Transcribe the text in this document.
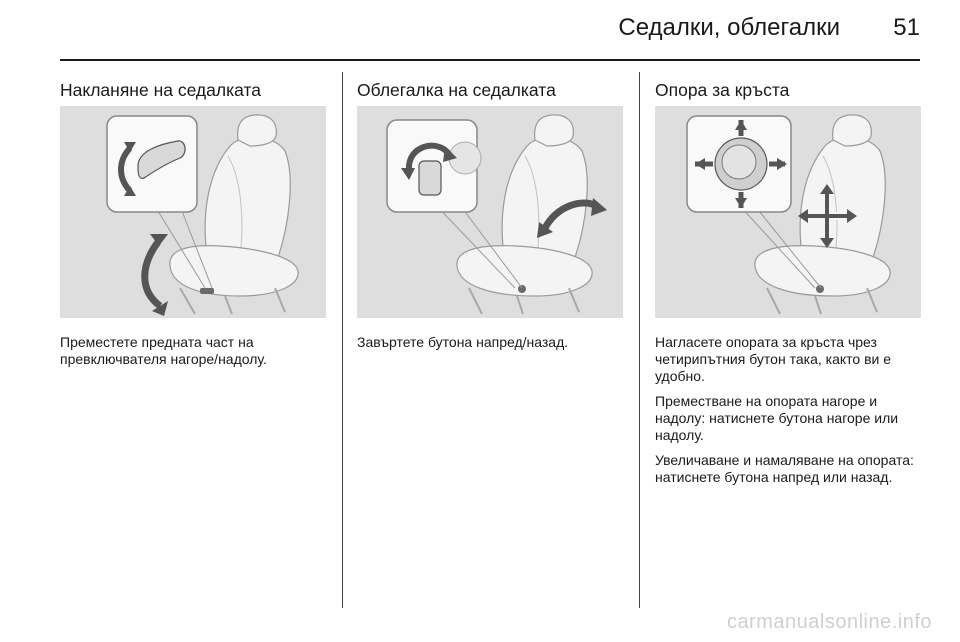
Седалки, облегалки 51
Накланяне на седалката

Преместете предната част на превключвателя нагоре/надолу.

Облегалка на седалката

Завъртете бутона напред/назад.

Опора за кръста

Нагласете опората за кръста чрез четирипътния бутон така, както ви е удобно.

Преместване на опората нагоре и надолу: натиснете бутона нагоре или надолу.

Увеличаване и намаляване на опората: натиснете бутона напред или назад.

carmanualsonline.info
